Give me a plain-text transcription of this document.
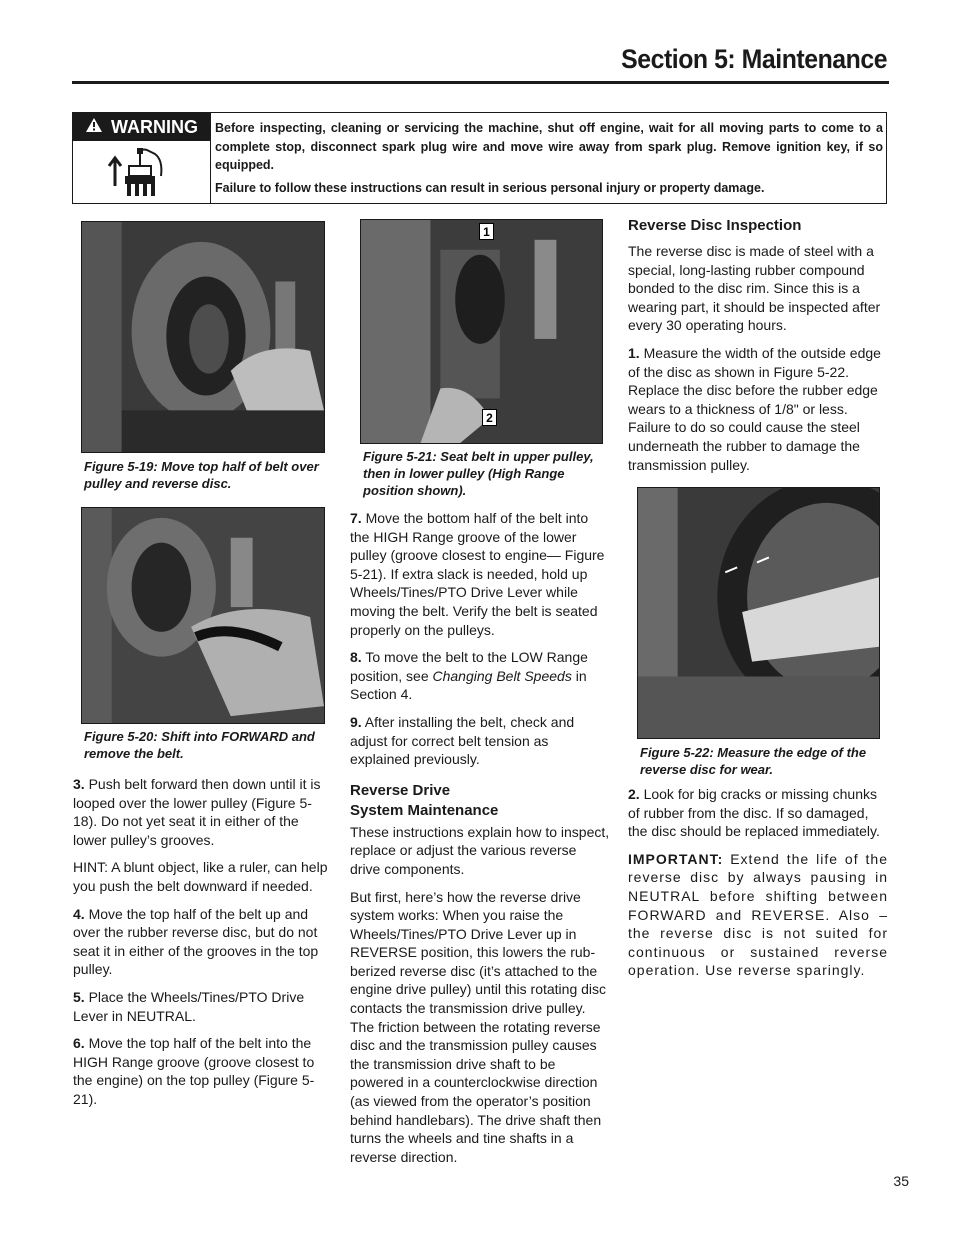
Section 5: Maintenance
WARNING Before inspecting, cleaning or servicing the machine, shut off engine, wait for all moving parts to come to a complete stop, disconnect spark plug wire and move wire away from spark plug. Remove ignition key, if so equipped.

Failure to follow these instructions can result in serious personal injury or property damage.

Figure 5-19: Move top half of belt over pulley and reverse disc.
Figure 5-20: Shift into FORWARD and remove the belt.
1
2
Figure 5-21: Seat belt in upper pulley, then in lower pulley (High Range position shown).
Figure 5-22: Measure the edge of the reverse disc for wear.

3. Push belt forward then down until it is looped over the lower pulley (Figure 5-18). Do not yet seat it in either of the lower pulley’s grooves.

HINT: A blunt object, like a ruler, can help you push the belt downward if needed.

4. Move the top half of the belt up and over the rubber reverse disc, but do not seat it in either of the grooves in the top pulley.

5. Place the Wheels/Tines/PTO Drive Lever in NEUTRAL.

6. Move the top half of the belt into the HIGH Range groove (groove closest to the engine) on the top pulley (Figure 5-21).

7. Move the bottom half of the belt into the HIGH Range groove of the lower pulley (groove closest to engine— Figure 5-21). If extra slack is needed, hold up Wheels/Tines/PTO Drive Lever while moving the belt. Verify the belt is seated properly on the pulleys.

8. To move the belt to the LOW Range position, see Changing Belt Speeds in Section 4.

9. After installing the belt, check and adjust for correct belt tension as explained previously.

Reverse Drive
System Maintenance

These instructions explain how to inspect, replace or adjust the various reverse drive components.

But first, here’s how the reverse drive system works: When you raise the Wheels/Tines/PTO Drive Lever up in REVERSE position, this lowers the rub-berized reverse disc (it’s attached to the engine drive pulley) until this rotating disc contacts the transmission drive pulley. The friction between the rotating reverse disc and the transmission pulley causes the transmission drive shaft to be powered in a counterclockwise direction (as viewed from the operator’s position behind handlebars). The drive shaft then turns the wheels and tine shafts in a reverse direction.

Reverse Disc Inspection

The reverse disc is made of steel with a special, long-lasting rubber compound bonded to the disc rim. Since this is a wearing part, it should be inspected after every 30 operating hours.

1. Measure the width of the outside edge of the disc as shown in Figure 5-22. Replace the disc before the rubber edge wears to a thickness of 1/8" or less. Failure to do so could cause the steel underneath the rubber to damage the transmission pulley.

2. Look for big cracks or missing chunks of rubber from the disc. If so damaged, the disc should be replaced immediately.

IMPORTANT: Extend the life of the reverse disc by always pausing in NEUTRAL before shifting between FORWARD and REVERSE. Also – the reverse disc is not suited for continuous or sustained reverse operation. Use reverse sparingly.

35
